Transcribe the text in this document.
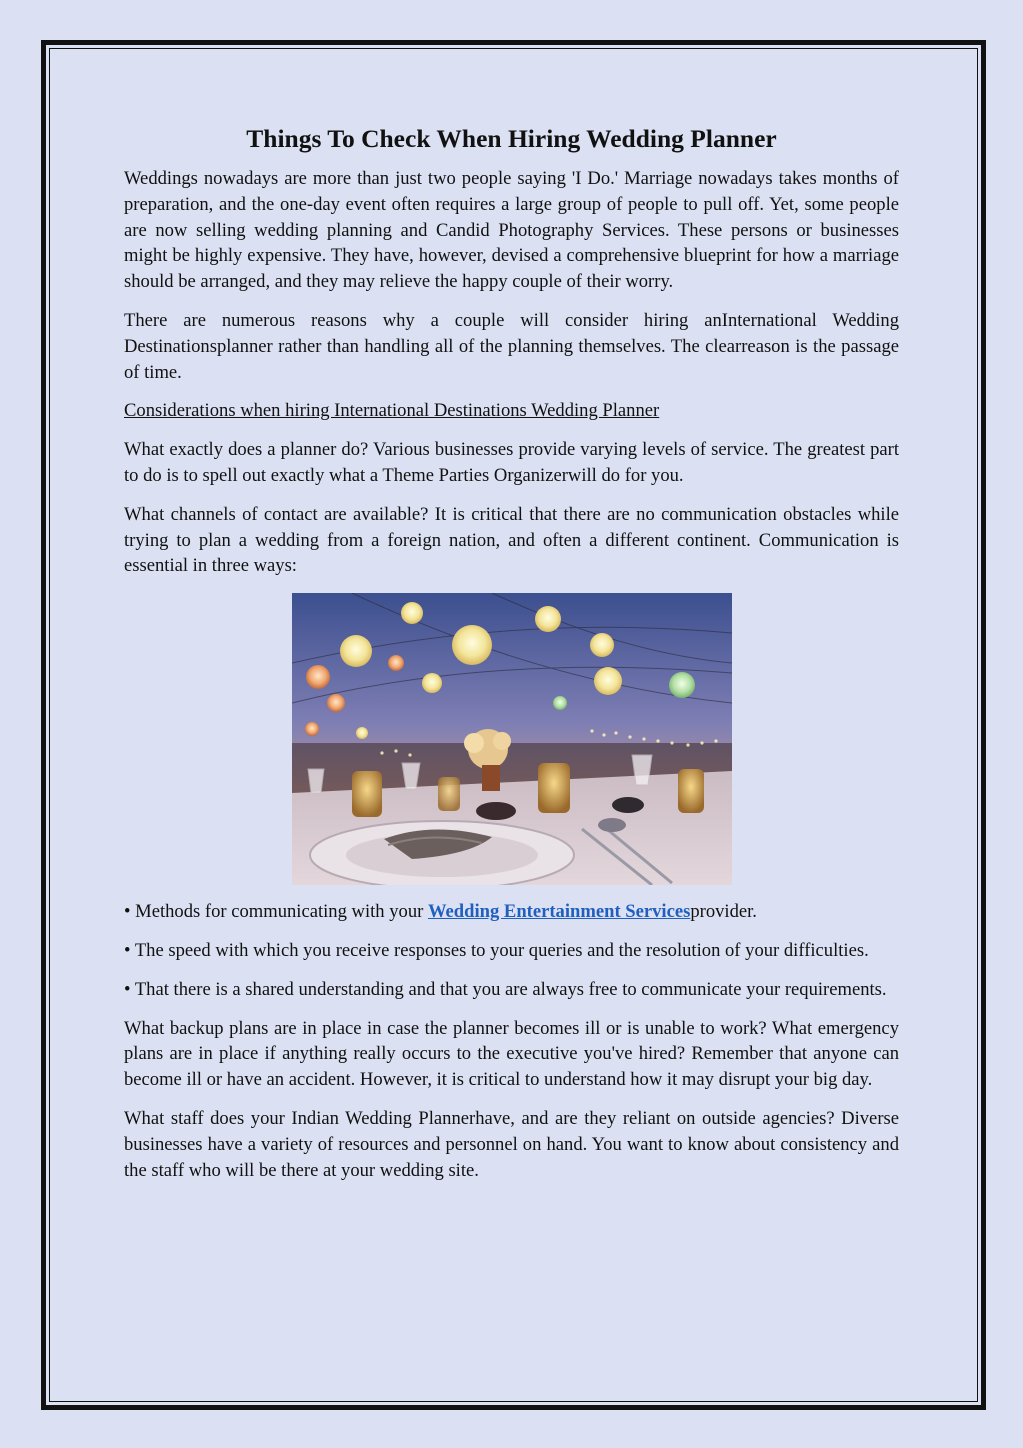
Things To Check When Hiring Wedding Planner

Weddings nowadays are more than just two people saying 'I Do.' Marriage nowadays takes months of preparation, and the one-day event often requires a large group of people to pull off. Yet, some people are now selling wedding planning and Candid Photography Services. These persons or businesses might be highly expensive. They have, however, devised a comprehensive blueprint for how a marriage should be arranged, and they may relieve the happy couple of their worry.

There are numerous reasons why a couple will consider hiring anInternational Wedding Destinationsplanner rather than handling all of the planning themselves. The clearreason is the passage of time.

Considerations when hiring International Destinations Wedding Planner

What exactly does a planner do? Various businesses provide varying levels of service. The greatest part to do is to spell out exactly what a Theme Parties Organizerwill do for you.

What channels of contact are available? It is critical that there are no communication obstacles while trying to plan a wedding from a foreign nation, and often a different continent. Communication is essential in three ways:

• Methods for communicating with your Wedding Entertainment Servicesprovider.

• The speed with which you receive responses to your queries and the resolution of your difficulties.

• That there is a shared understanding and that you are always free to communicate your requirements.

What backup plans are in place in case the planner becomes ill or is unable to work? What emergency plans are in place if anything really occurs to the executive you've hired? Remember that anyone can become ill or have an accident. However, it is critical to understand how it may disrupt your big day.

What staff does your Indian Wedding Plannerhave, and are they reliant on outside agencies? Diverse businesses have a variety of resources and personnel on hand. You want to know about consistency and the staff who will be there at your wedding site.
